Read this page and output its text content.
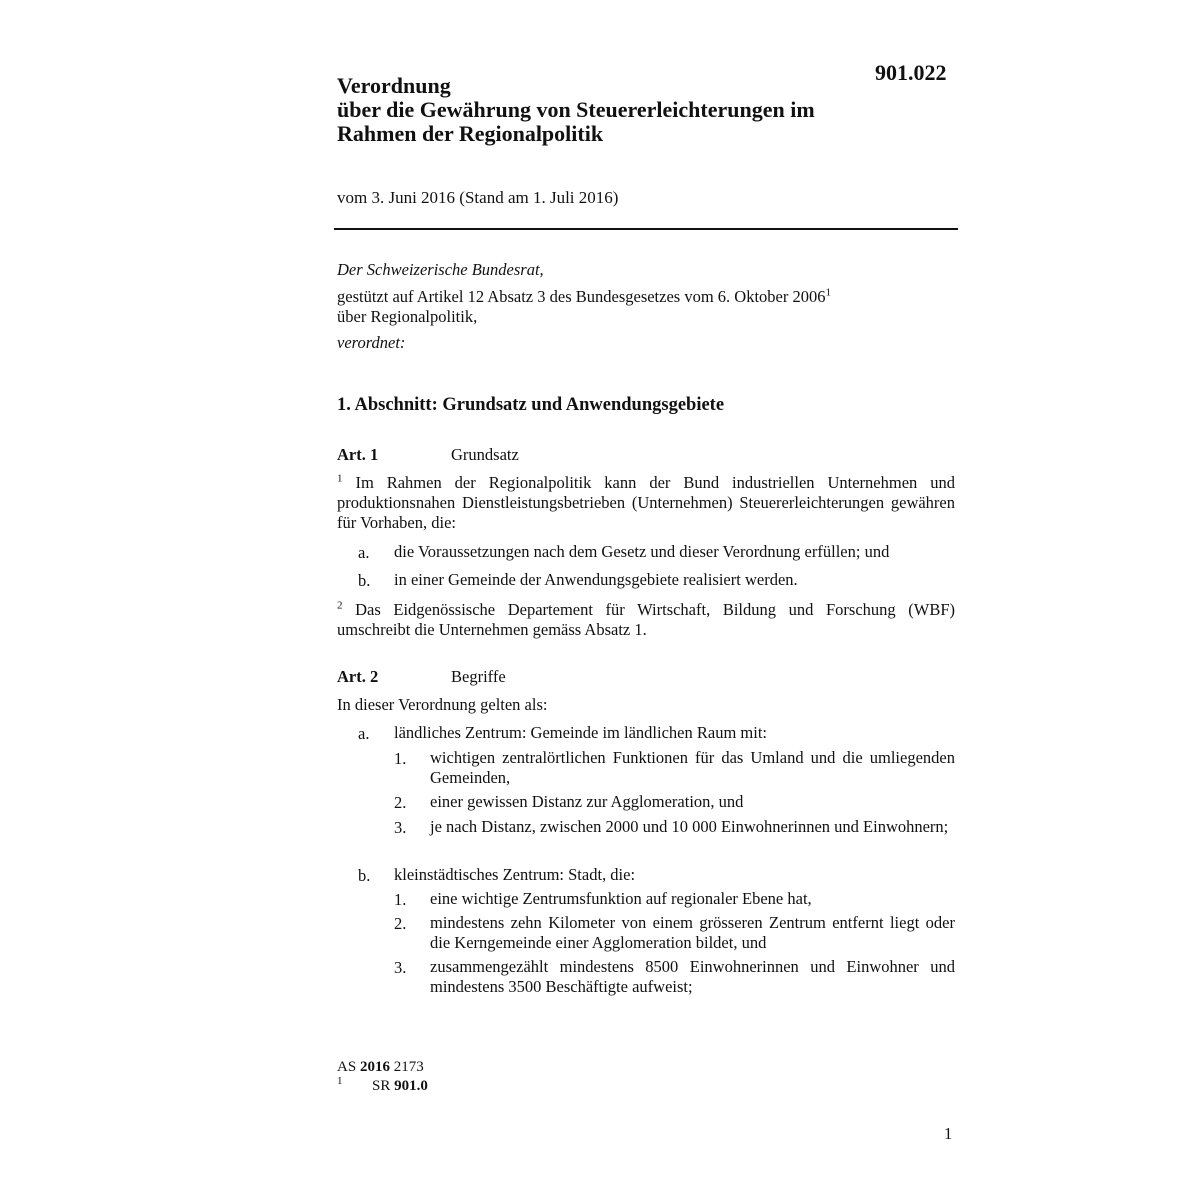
901.022
Verordnung
über die Gewährung von Steuererleichterungen im
Rahmen der Regionalpolitik
vom 3. Juni 2016 (Stand am 1. Juli 2016)
Der Schweizerische Bundesrat,
gestützt auf Artikel 12 Absatz 3 des Bundesgesetzes vom 6. Oktober 2006$^1$
über Regionalpolitik,
verordnet:
1. Abschnitt: Grundsatz und Anwendungsgebiete
Art. 1	Grundsatz
$^1$ Im Rahmen der Regionalpolitik kann der Bund industriellen Unternehmen und produktionsnahen Dienstleistungsbetrieben (Unternehmen) Steuererleichterungen gewähren für Vorhaben, die:
a. die Voraussetzungen nach dem Gesetz und dieser Verordnung erfüllen; und
b. in einer Gemeinde der Anwendungsgebiete realisiert werden.
$^2$ Das Eidgenössische Departement für Wirtschaft, Bildung und Forschung (WBF) umschreibt die Unternehmen gemäss Absatz 1.
Art. 2	Begriffe
In dieser Verordnung gelten als:
a. ländliches Zentrum: Gemeinde im ländlichen Raum mit:
1. wichtigen zentralörtlichen Funktionen für das Umland und die umliegenden Gemeinden,
2. einer gewissen Distanz zur Agglomeration, und
3. je nach Distanz, zwischen 2000 und 10 000 Einwohnerinnen und Einwohnern;
b. kleinstädtisches Zentrum: Stadt, die:
1. eine wichtige Zentrumsfunktion auf regionaler Ebene hat,
2. mindestens zehn Kilometer von einem grösseren Zentrum entfernt liegt oder die Kerngemeinde einer Agglomeration bildet, und
3. zusammengezählt mindestens 8500 Einwohnerinnen und Einwohner und mindestens 3500 Beschäftigte aufweist;
AS 2016 2173
$^1$ SR 901.0
1
